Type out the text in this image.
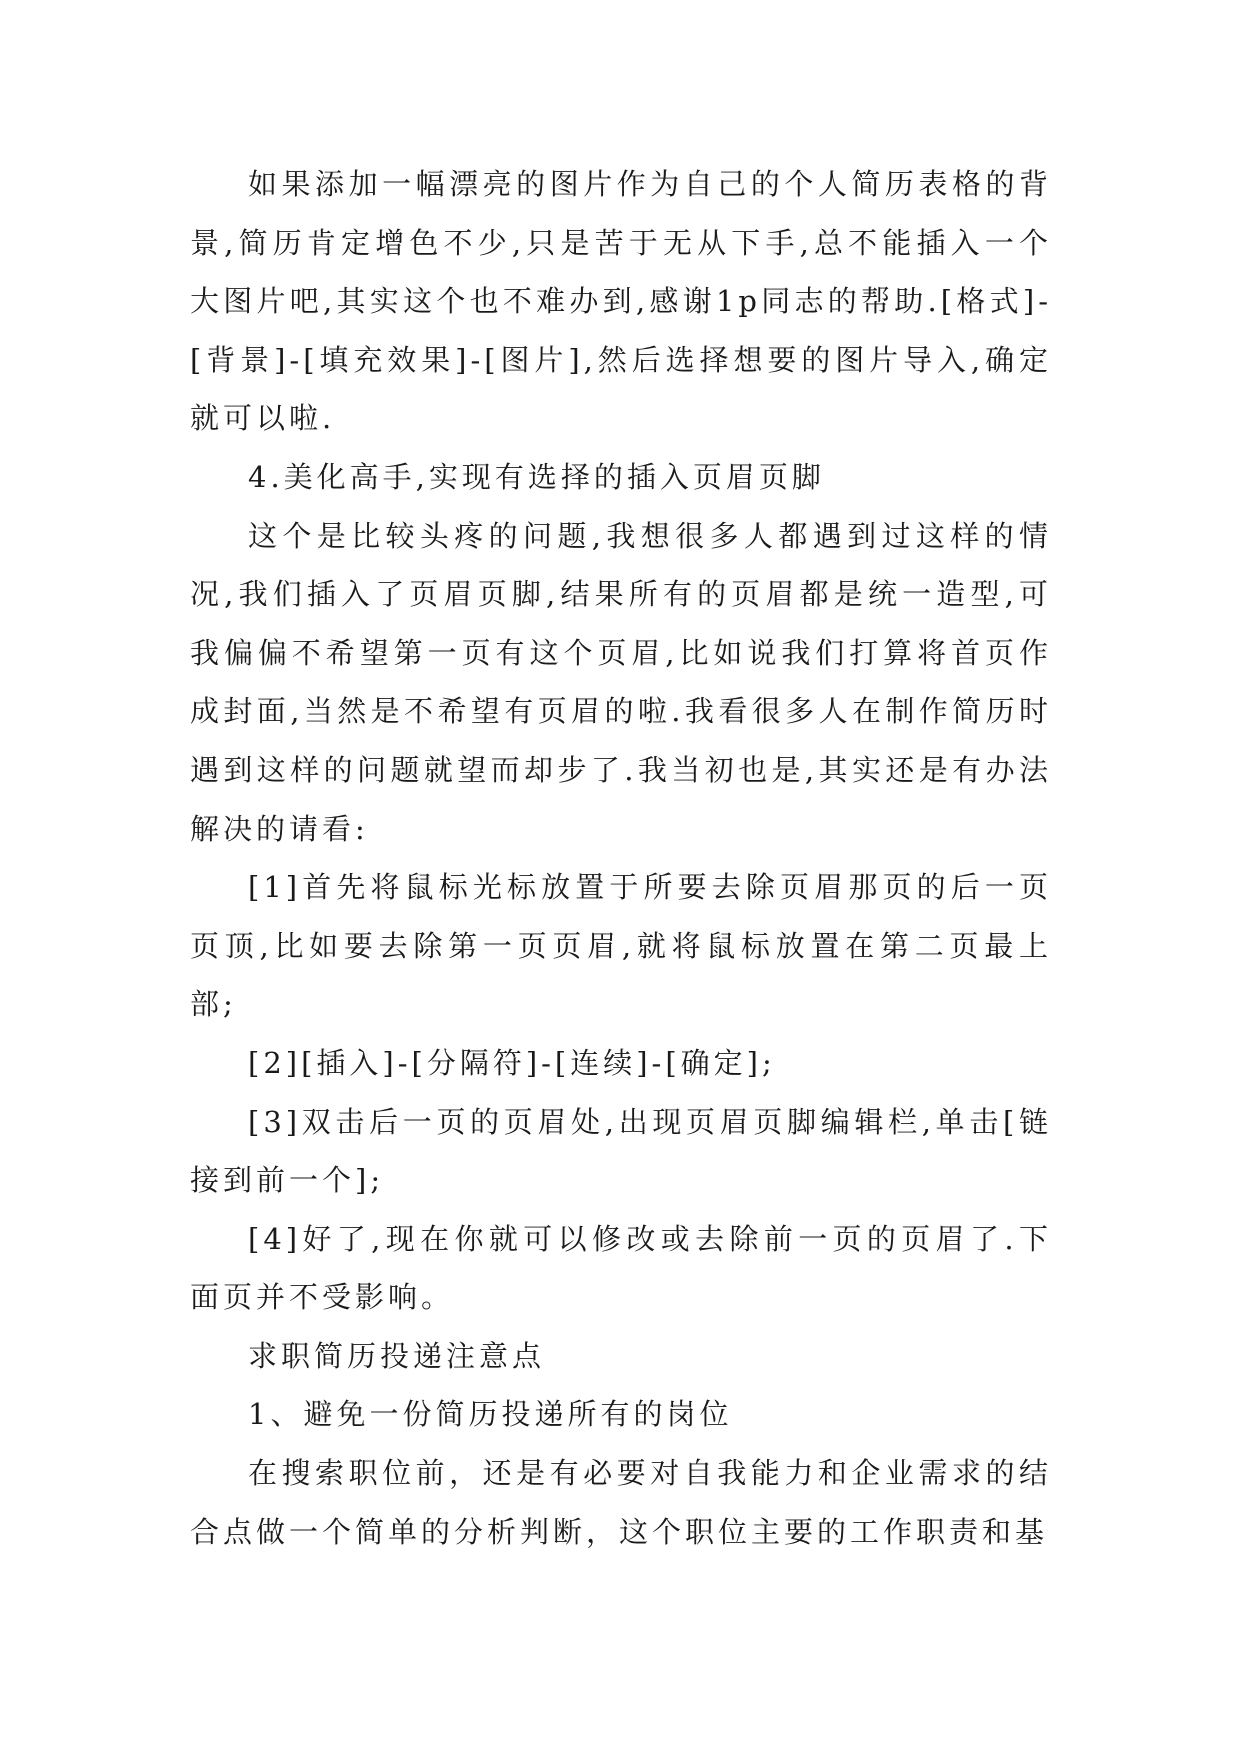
如果添加一幅漂亮的图片作为自己的个人简历表格的背景,简历肯定增色不少,只是苦于无从下手,总不能插入一个大图片吧,其实这个也不难办到,感谢1p同志的帮助.[格式]-[背景]-[填充效果]-[图片],然后选择想要的图片导入,确定就可以啦.

4.美化高手,实现有选择的插入页眉页脚

这个是比较头疼的问题,我想很多人都遇到过这样的情况,我们插入了页眉页脚,结果所有的页眉都是统一造型,可我偏偏不希望第一页有这个页眉,比如说我们打算将首页作成封面,当然是不希望有页眉的啦.我看很多人在制作简历时遇到这样的问题就望而却步了.我当初也是,其实还是有办法解决的请看:

[1]首先将鼠标光标放置于所要去除页眉那页的后一页页顶,比如要去除第一页页眉,就将鼠标放置在第二页最上部;

[2][插入]-[分隔符]-[连续]-[确定];

[3]双击后一页的页眉处,出现页眉页脚编辑栏,单击[链接到前一个];

[4]好了,现在你就可以修改或去除前一页的页眉了.下面页并不受影响。

求职简历投递注意点

1、避免一份简历投递所有的岗位

在搜索职位前，还是有必要对自我能力和企业需求的结合点做一个简单的分析判断，这个职位主要的工作职责和基
